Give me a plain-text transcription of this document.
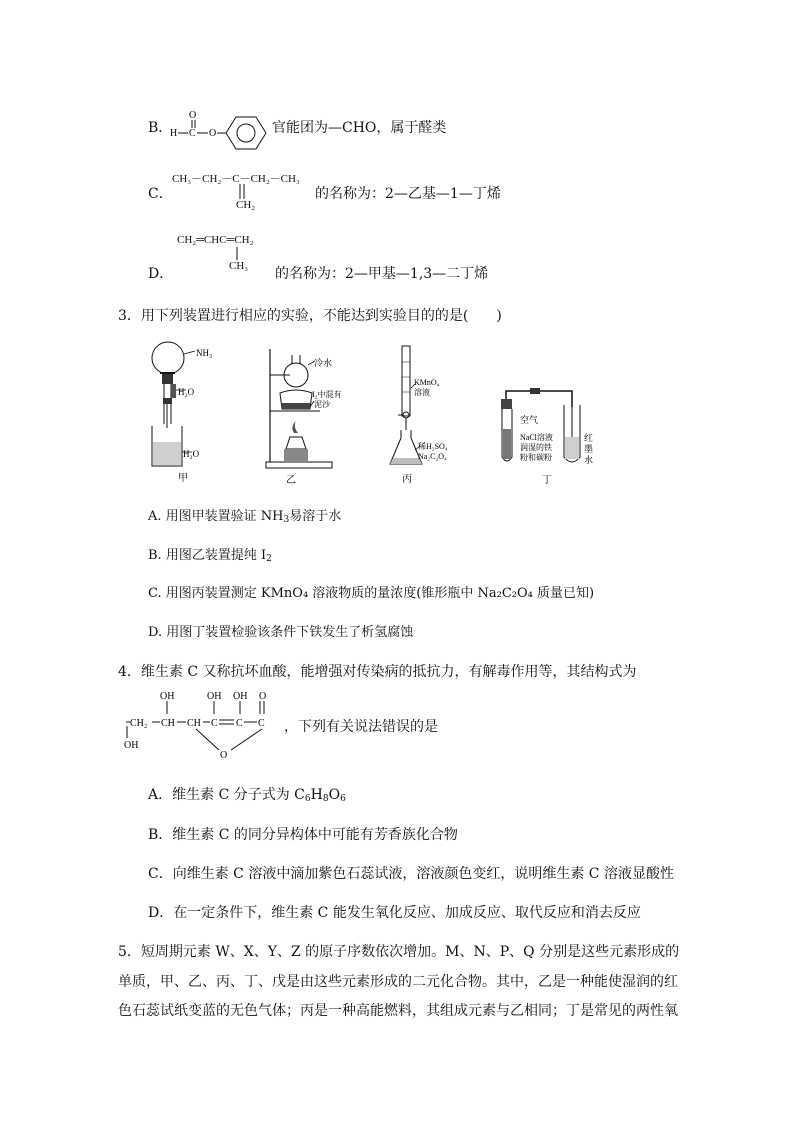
B．
H C
O
O	官能团为—CHO，属于醛类
C．
CH₃－CH₂－C－CH₂－CH₃
CH₂
的名称为：2—乙基—1—丁烯
CH₂═CHC═CH₂
CH₃
D．	的名称为：2—甲基—1,3—二丁烯
3．用下列装置进行相应的实验，不能达到实验目的的是(　　)
NH₃
H₂O
H₂O
甲
冷水
I₂中混有
泥沙
乙
KMnO₄
溶液
稀H₂SO₄
Na₂C₂O₄
丙
空气
NaCl溶液
润湿的铁
粉和碳粉
红
墨
水
丁
A. 用图甲装置验证 $NH_3$易溶于水
B. 用图乙装置提纯 $I_2$
C. 用图丙装置测定 KMnO₄ 溶液物质的量浓度(锥形瓶中 Na₂C₂O₄ 质量已知)
D. 用图丁装置检验该条件下铁发生了析氢腐蚀
4．维生素 C 又称抗坏血酸，能增强对传染病的抵抗力，有解毒作用等，其结构式为
OH	OH OH O
CH₂ CH CH C C C
OH
O
，下列有关说法错误的是
A．维生素 C 分子式为 $C_6H_8O_6$
B．维生素 C 的同分异构体中可能有芳香族化合物
C．向维生素 C 溶液中滴加紫色石蕊试液，溶液颜色变红，说明维生素 C 溶液显酸性
D．在一定条件下，维生素 C 能发生氧化反应、加成反应、取代反应和消去反应
5．短周期元素 W、X、Y、Z 的原子序数依次增加。M、N、P、Q 分别是这些元素形成的
单质，甲、乙、丙、丁、戊是由这些元素形成的二元化合物。其中，乙是一种能使湿润的红
色石蕊试纸变蓝的无色气体；丙是一种高能燃料，其组成元素与乙相同；丁是常见的两性氧
